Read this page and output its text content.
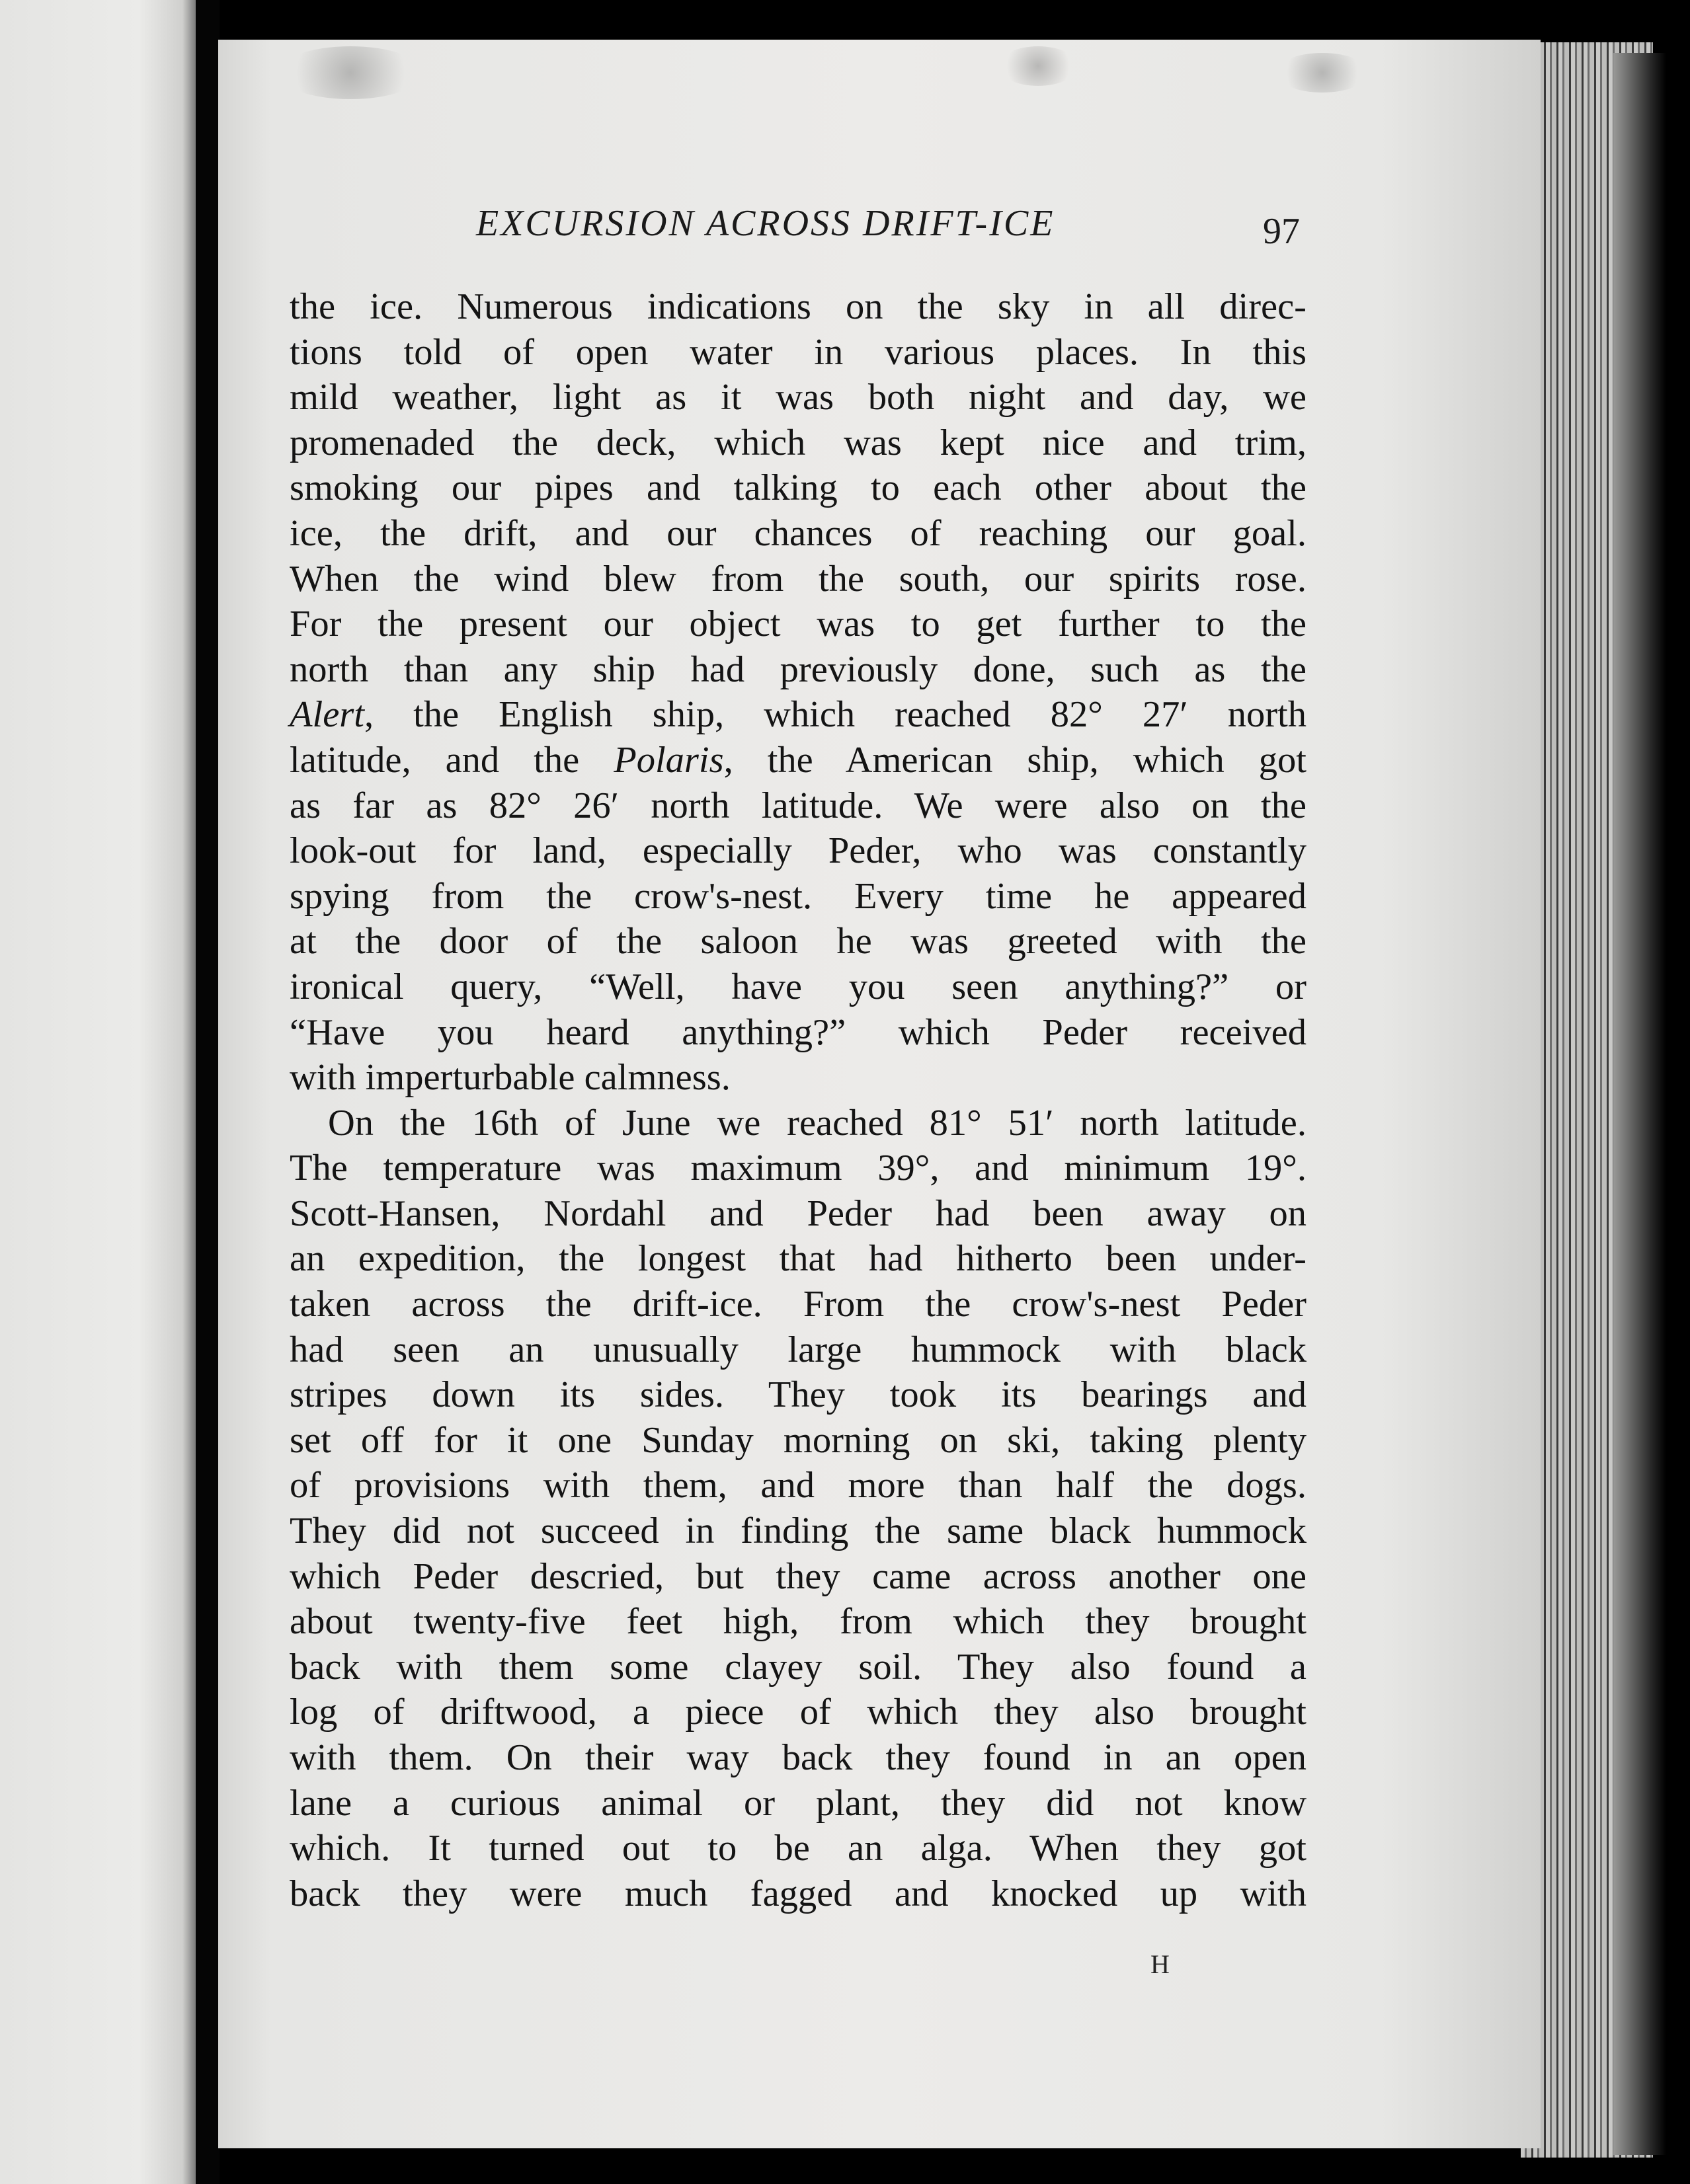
EXCURSION ACROSS DRIFT-ICE	97
the ice. Numerous indications on the sky in all direc-
tions told of open water in various places. In this
mild weather, light as it was both night and day, we
promenaded the deck, which was kept nice and trim,
smoking our pipes and talking to each other about the
ice, the drift, and our chances of reaching our goal.
When the wind blew from the south, our spirits rose.
For the present our object was to get further to the
north than any ship had previously done, such as the
Alert, the English ship, which reached 82° 27′ north
latitude, and the Polaris, the American ship, which got
as far as 82° 26′ north latitude. We were also on the
look-out for land, especially Peder, who was constantly
spying from the crow's-nest. Every time he appeared
at the door of the saloon he was greeted with the
ironical query, “Well, have you seen anything?” or
“Have you heard anything?” which Peder received
with imperturbable calmness.
On the 16th of June we reached 81° 51′ north latitude.
The temperature was maximum 39°, and minimum 19°.
Scott-Hansen, Nordahl and Peder had been away on
an expedition, the longest that had hitherto been under-
taken across the drift-ice. From the crow's-nest Peder
had seen an unusually large hummock with black
stripes down its sides. They took its bearings and
set off for it one Sunday morning on ski, taking plenty
of provisions with them, and more than half the dogs.
They did not succeed in finding the same black hummock
which Peder descried, but they came across another one
about twenty-five feet high, from which they brought
back with them some clayey soil. They also found a
log of driftwood, a piece of which they also brought
with them. On their way back they found in an open
lane a curious animal or plant, they did not know
which. It turned out to be an alga. When they got
back they were much fagged and knocked up with
H
